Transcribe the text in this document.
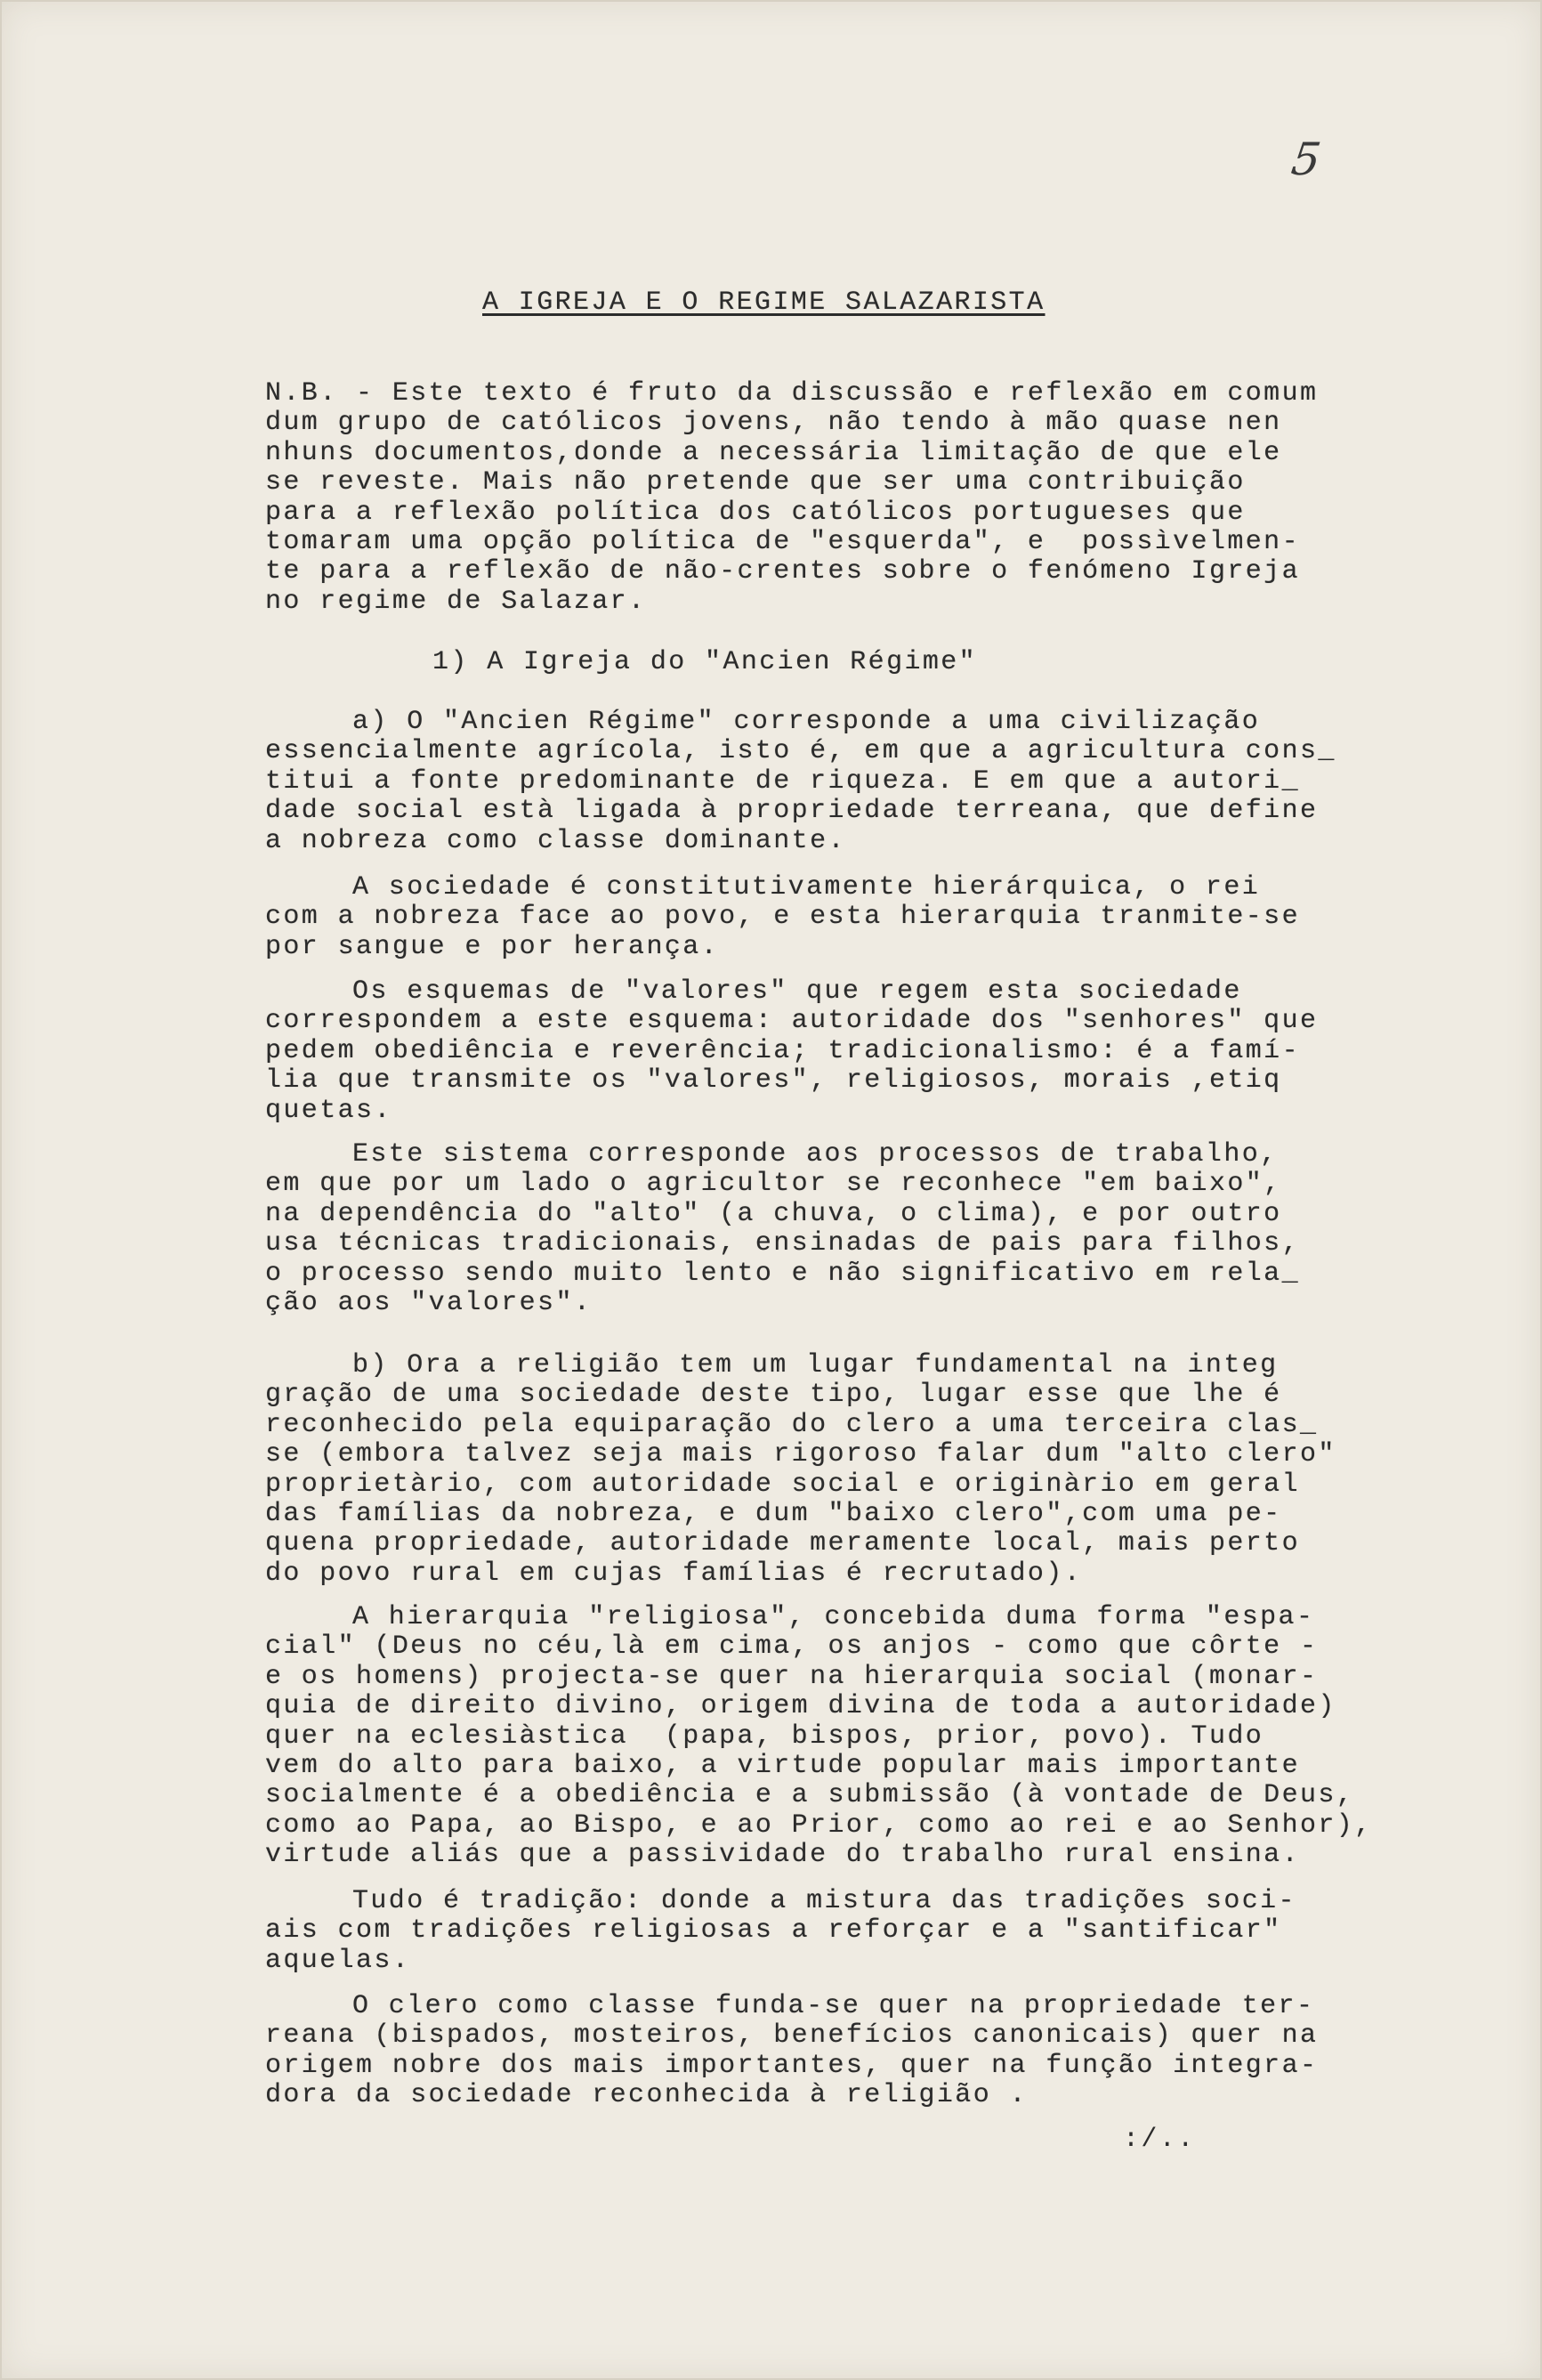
5
A IGREJA E O REGIME SALAZARISTA
N.B. - Este texto é fruto da discussão e reflexão em comum
dum grupo de católicos jovens, não tendo à mão quase nen
nhuns documentos,donde a necessária limitação de que ele
se reveste. Mais não pretende que ser uma contribuição
para a reflexão política dos católicos portugueses que
tomaram uma opção política de "esquerda", e  possìvelmen-
te para a reflexão de não-crentes sobre o fenómeno Igreja
no regime de Salazar.
1) A Igreja do "Ancien Régime"
a) O "Ancien Régime" corresponde a uma civilização
essencialmente agrícola, isto é, em que a agricultura cons_
titui a fonte predominante de riqueza. E em que a autori_
dade social està ligada à propriedade terreana, que define
a nobreza como classe dominante.
A sociedade é constitutivamente hierárquica, o rei
com a nobreza face ao povo, e esta hierarquia tranmite-se
por sangue e por herança.
Os esquemas de "valores" que regem esta sociedade
correspondem a este esquema: autoridade dos "senhores" que
pedem obediência e reverência; tradicionalismo: é a famí-
lia que transmite os "valores", religiosos, morais ,etiq
quetas.
Este sistema corresponde aos processos de trabalho,
em que por um lado o agricultor se reconhece "em baixo",
na dependência do "alto" (a chuva, o clima), e por outro
usa técnicas tradicionais, ensinadas de pais para filhos,
o processo sendo muito lento e não significativo em rela_
ção aos "valores".
b) Ora a religião tem um lugar fundamental na integ
gração de uma sociedade deste tipo, lugar esse que lhe é
reconhecido pela equiparação do clero a uma terceira clas_
se (embora talvez seja mais rigoroso falar dum "alto clero"
proprietàrio, com autoridade social e originàrio em geral
das famílias da nobreza, e dum "baixo clero",com uma pe-
quena propriedade, autoridade meramente local, mais perto
do povo rural em cujas famílias é recrutado).
A hierarquia "religiosa", concebida duma forma "espa-
cial" (Deus no céu,là em cima, os anjos - como que côrte -
e os homens) projecta-se quer na hierarquia social (monar-
quia de direito divino, origem divina de toda a autoridade)
quer na eclesiàstica  (papa, bispos, prior, povo). Tudo
vem do alto para baixo, a virtude popular mais importante
socialmente é a obediência e a submissão (à vontade de Deus,
como ao Papa, ao Bispo, e ao Prior, como ao rei e ao Senhor),
virtude aliás que a passividade do trabalho rural ensina.
Tudo é tradição: donde a mistura das tradições soci-
ais com tradições religiosas a reforçar e a "santificar"
aquelas.
O clero como classe funda-se quer na propriedade ter-
reana (bispados, mosteiros, benefícios canonicais) quer na
origem nobre dos mais importantes, quer na função integra-
dora da sociedade reconhecida à religião .
:/..
